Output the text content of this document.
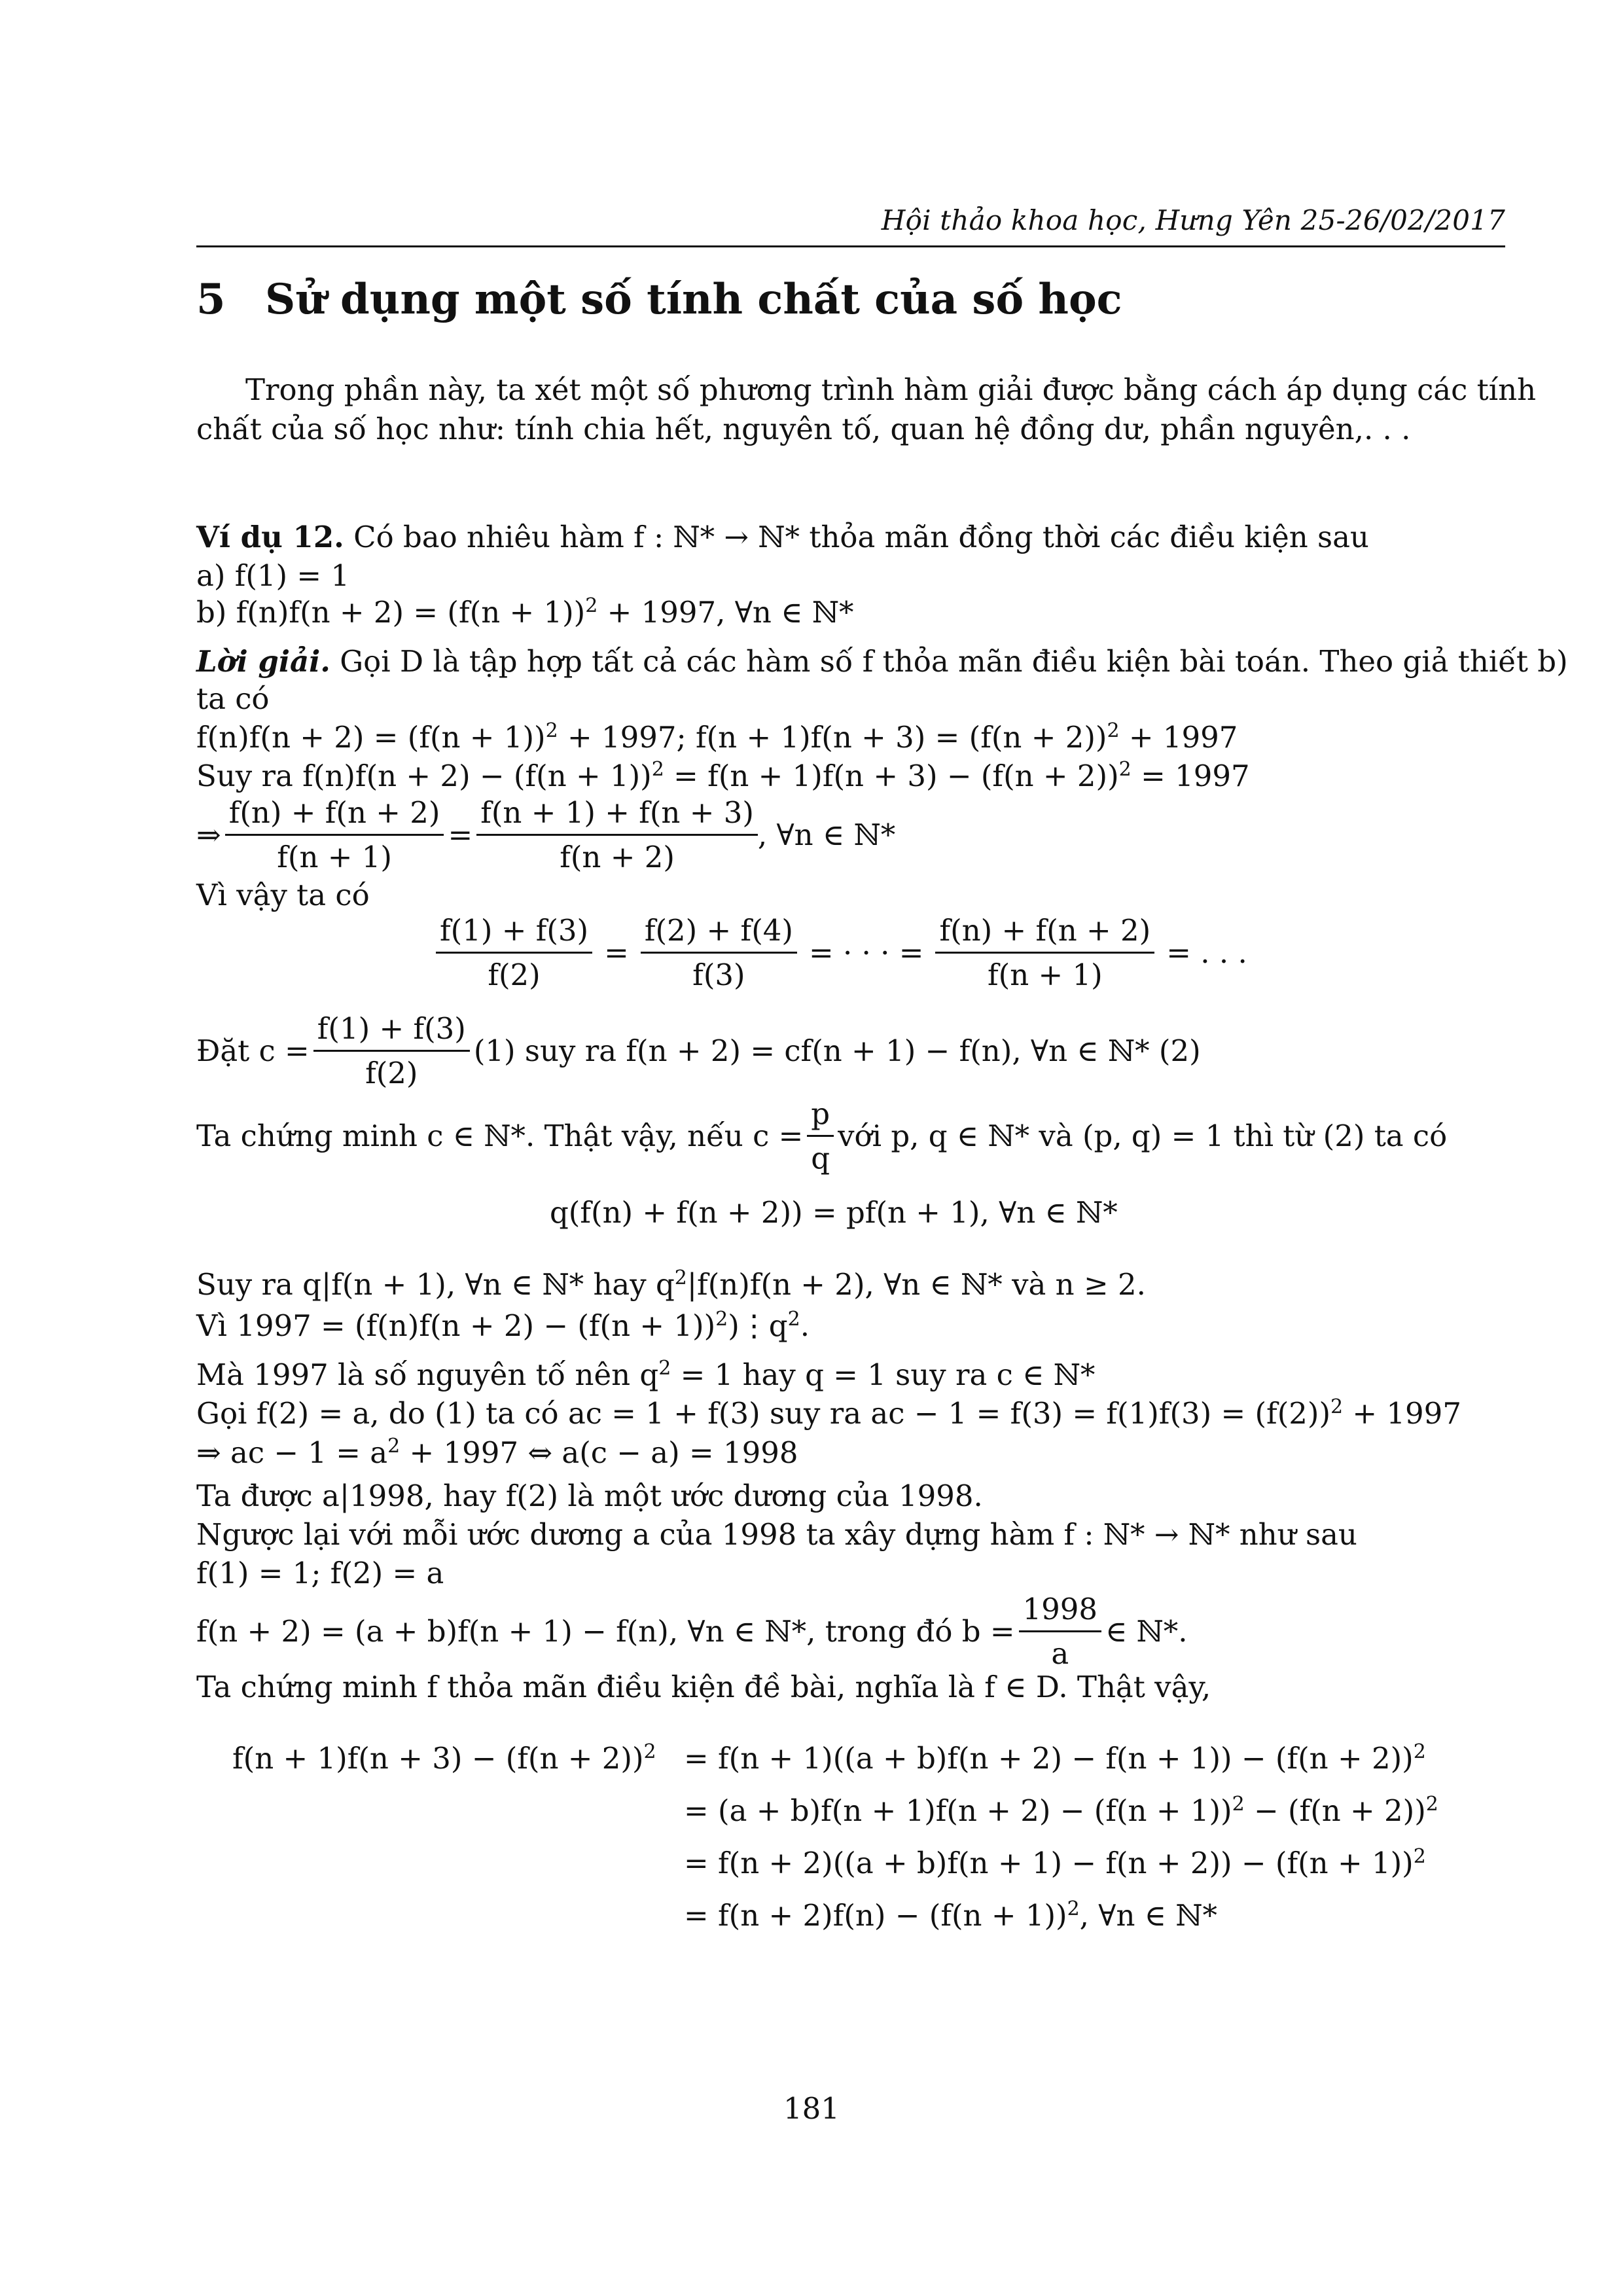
Hội thảo khoa học, Hưng Yên 25-26/02/2017
5 Sử dụng một số tính chất của số học
Trong phần này, ta xét một số phương trình hàm giải được bằng cách áp dụng các tính
chất của số học như: tính chia hết, nguyên tố, quan hệ đồng dư, phần nguyên,. . .
Ví dụ 12. Có bao nhiêu hàm f : ℕ* → ℕ* thỏa mãn đồng thời các điều kiện sau
a) f(1) = 1
b) $f(n)f(n + 2) = (f(n + 1))^2 + 1997$, ∀n ∈ ℕ*
Lời giải. Gọi D là tập hợp tất cả các hàm số f thỏa mãn điều kiện bài toán. Theo giả thiết b)
ta có
$f(n)f(n + 2) = (f(n + 1))^2 + 1997$; $f(n + 1)f(n + 3) = (f(n + 2))^2 + 1997$
Suy ra $f(n)f(n + 2) - (f(n + 1))^2 = f(n + 1)f(n + 3) - (f(n + 2))^2 = 1997$
⇒ $\frac{f(n) + f(n + 2)}{f(n + 1)} = \frac{f(n + 1) + f(n + 3)}{f(n + 2)}$ , ∀n ∈ ℕ*
Vì vậy ta có
$\frac{f(1) + f(3)}{f(2)} = \frac{f(2) + f(4)}{f(3)}$ = · · · = $\frac{f(n) + f(n + 2)}{f(n + 1)}$ = . . .
Đặt $c = \frac{f(1) + f(3)}{f(2)} (1)$ suy ra f(n + 2) = cf(n + 1) − f(n), ∀n ∈ ℕ* (2)
Ta chứng minh c ∈ ℕ*. Thật vậy, nếu $c = \frac{p}{q}$ với p, q ∈ ℕ* và (p, q) = 1 thì từ (2) ta có
q(f(n) + f(n + 2)) = pf(n + 1), ∀n ∈ ℕ*
Suy ra q|f(n + 1), ∀n ∈ ℕ* hay $q^2|f(n)f(n + 2)$, ∀n ∈ ℕ* và n ≥ 2.
Vì $1997 = (f(n)f(n + 2) - (f(n + 1))^2)⋮q^2$.
Mà 1997 là số nguyên tố nên $q^2 = 1$ hay q = 1 suy ra c ∈ ℕ*
Gọi f(2) = a, do (1) ta có ac = 1 + f(3) suy ra ac − $1 = f(3) = f(1)f(3) = (f(2))^2 + 1997$
⇒ ac − $1 = a^2 + 1997$ ⇔ a(c − a) = 1998
Ta được a|1998, hay f(2) là một ước dương của 1998.
Ngược lại với mỗi ước dương a của 1998 ta xây dựng hàm f : ℕ* → ℕ* như sau
f(1) = 1; f(2) = a
f(n + 2) = (a + b)f(n + 1) − f(n), ∀n ∈ ℕ*, trong đó $b = \frac{1998}{a}$ ∈ ℕ*.
Ta chứng minh f thỏa mãn điều kiện đề bài, nghĩa là f ∈ D. Thật vậy,
$f(n + 1)f(n + 3) - (f(n + 2))^2 = f(n + 1)((a + b)f(n + 2) - f(n + 1)) - (f(n + 2))^2$
= $(a + b)f(n + 1)f(n + 2) - (f(n + 1))^2 - (f(n + 2))^2$
= $f(n + 2)((a + b)f(n + 1) - f(n + 2)) - (f(n + 1))^2$
= $f(n + 2)f(n) - (f(n + 1))^2$, ∀n ∈ ℕ*
181
